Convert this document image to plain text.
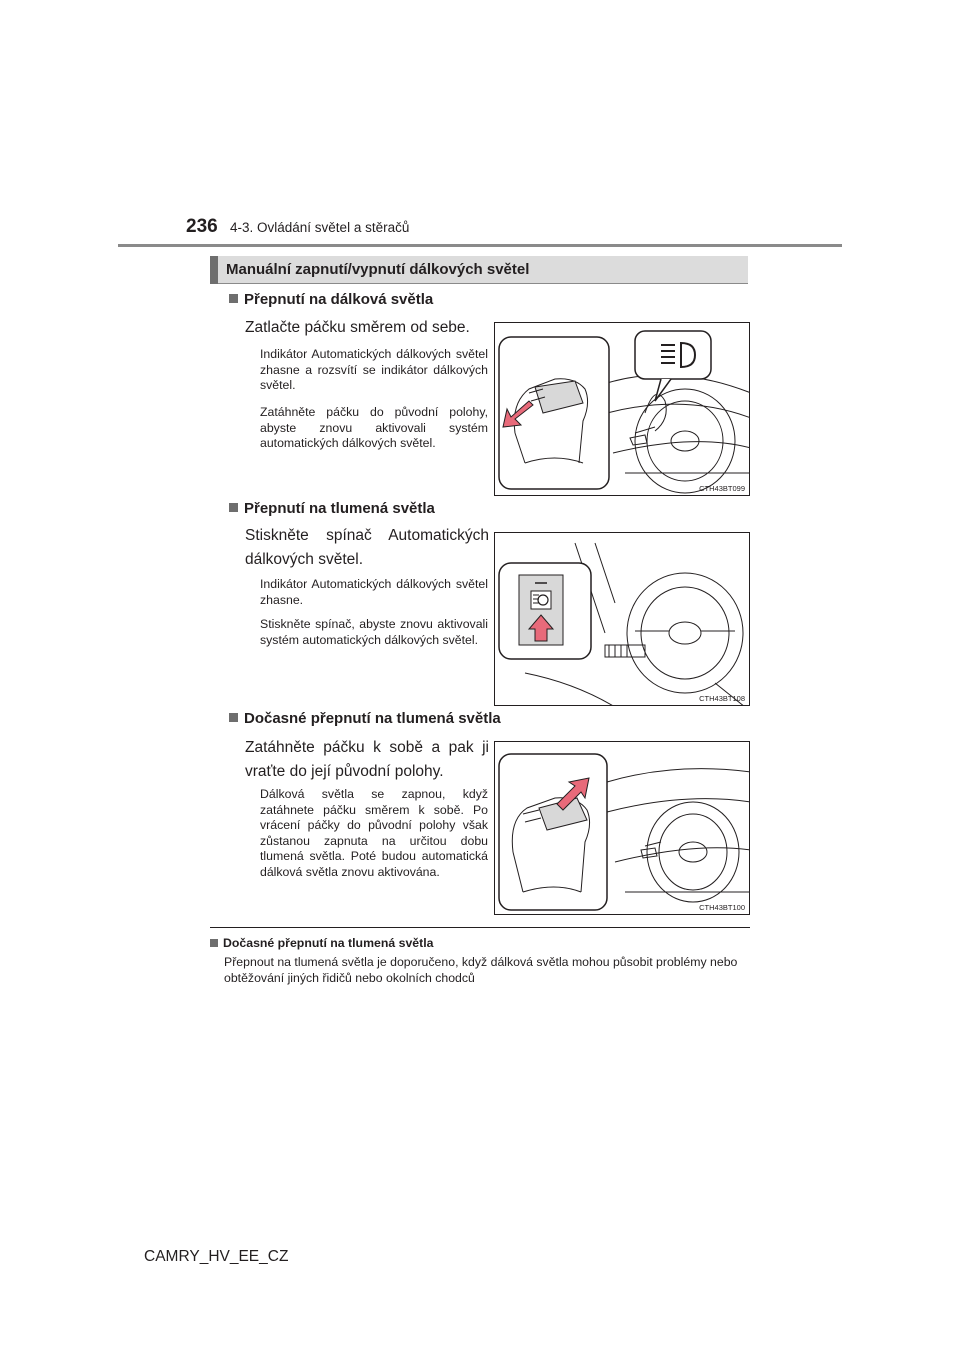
236 4-3. Ovládání světel a stěračů
Manuální zapnutí/vypnutí dálkových světel
Přepnutí na dálková světla
Zatlačte páčku směrem od sebe.
Indikátor Automatických dálkových světel zhasne a rozsvítí se indikátor dálkových světel.
Zatáhněte páčku do původní polohy, abyste znovu aktivovali systém automatických dálkových světel.
CTH43BT099
Přepnutí na tlumená světla
Stiskněte spínač Automatických dálkových světel.
Indikátor Automatických dálkových světel zhasne.
Stiskněte spínač, abyste znovu aktivovali systém automatických dálkových světel.
CTH43BT108
Dočasné přepnutí na tlumená světla
Zatáhněte páčku k sobě a pak ji vraťte do její původní polohy.
Dálková světla se zapnou, když zatáhnete páčku směrem k sobě. Po vrácení páčky do původní polohy však zůstanou zapnuta na určitou dobu tlumená světla. Poté budou automatická dálková světla znovu aktivována.
CTH43BT100
Dočasné přepnutí na tlumená světla
Přepnout na tlumená světla je doporučeno, když dálková světla mohou působit problémy nebo obtěžování jiných řidičů nebo okolních chodců
CAMRY_HV_EE_CZ
